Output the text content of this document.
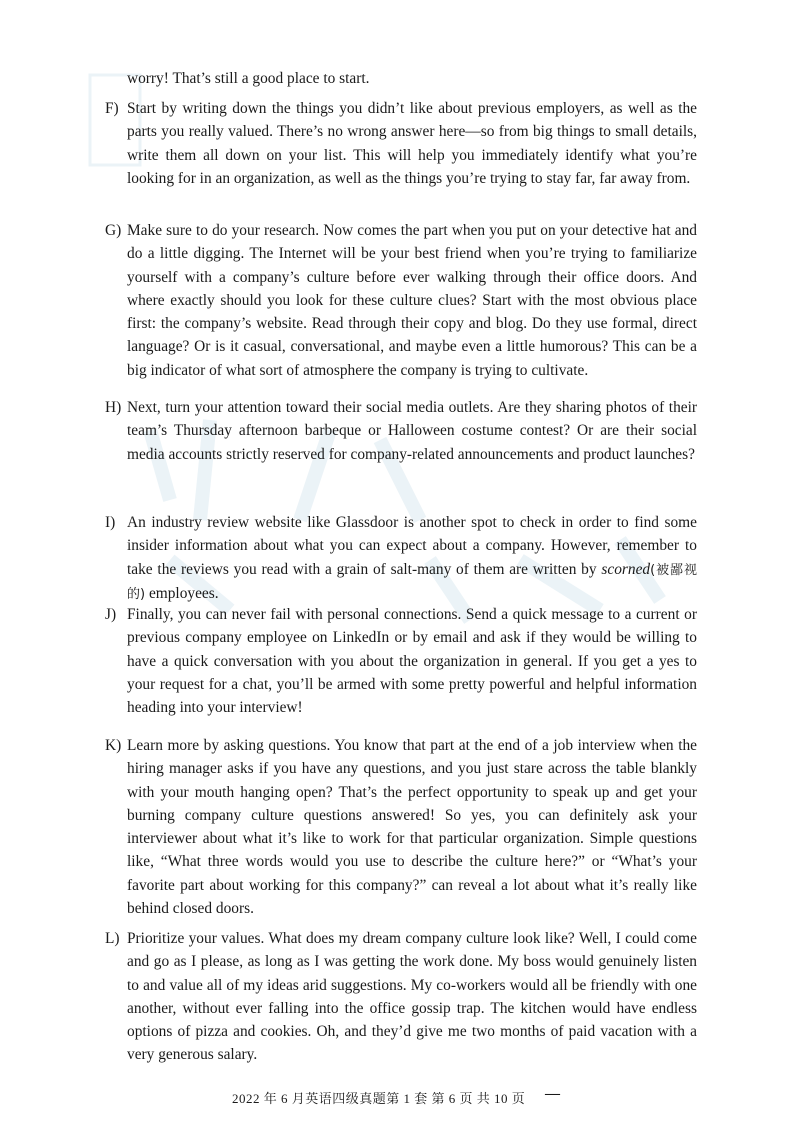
worry! That’s still a good place to start.
F) Start by writing down the things you didn’t like about previous employers, as well as the parts you really valued. There’s no wrong answer here—so from big things to small details, write them all down on your list. This will help you immediately identify what you’re looking for in an organization, as well as the things you’re trying to stay far, far away from.
G) Make sure to do your research. Now comes the part when you put on your detective hat and do a little digging. The Internet will be your best friend when you’re trying to familiarize yourself with a company’s culture before ever walking through their office doors. And where exactly should you look for these culture clues? Start with the most obvious place first: the company’s website. Read through their copy and blog. Do they use formal, direct language? Or is it casual, conversational, and maybe even a little humorous? This can be a big indicator of what sort of atmosphere the company is trying to cultivate.
H) Next, turn your attention toward their social media outlets. Are they sharing photos of their team’s Thursday afternoon barbeque or Halloween costume contest? Or are their social media accounts strictly reserved for company-related announcements and product launches?
I) An industry review website like Glassdoor is another spot to check in order to find some insider information about what you can expect about a company. However, remember to take the reviews you read with a grain of salt-many of them are written by scorned(被鄙视的) employees.
J) Finally, you can never fail with personal connections. Send a quick message to a current or previous company employee on LinkedIn or by email and ask if they would be willing to have a quick conversation with you about the organization in general. If you get a yes to your request for a chat, you’ll be armed with some pretty powerful and helpful information heading into your interview!
K) Learn more by asking questions. You know that part at the end of a job interview when the hiring manager asks if you have any questions, and you just stare across the table blankly with your mouth hanging open? That’s the perfect opportunity to speak up and get your burning company culture questions answered! So yes, you can definitely ask your interviewer about what it’s like to work for that particular organization. Simple questions like, “What three words would you use to describe the culture here?” or “What’s your favorite part about working for this company?” can reveal a lot about what it’s really like behind closed doors.
L) Prioritize your values. What does my dream company culture look like? Well, I could come and go as I please, as long as I was getting the work done. My boss would genuinely listen to and value all of my ideas arid suggestions. My co-workers would all be friendly with one another, without ever falling into the office gossip trap. The kitchen would have endless options of pizza and cookies. Oh, and they’d give me two months of paid vacation with a very generous salary.
2022 年 6 月英语四级真题第 1 套 第 6 页 共 10 页 —
